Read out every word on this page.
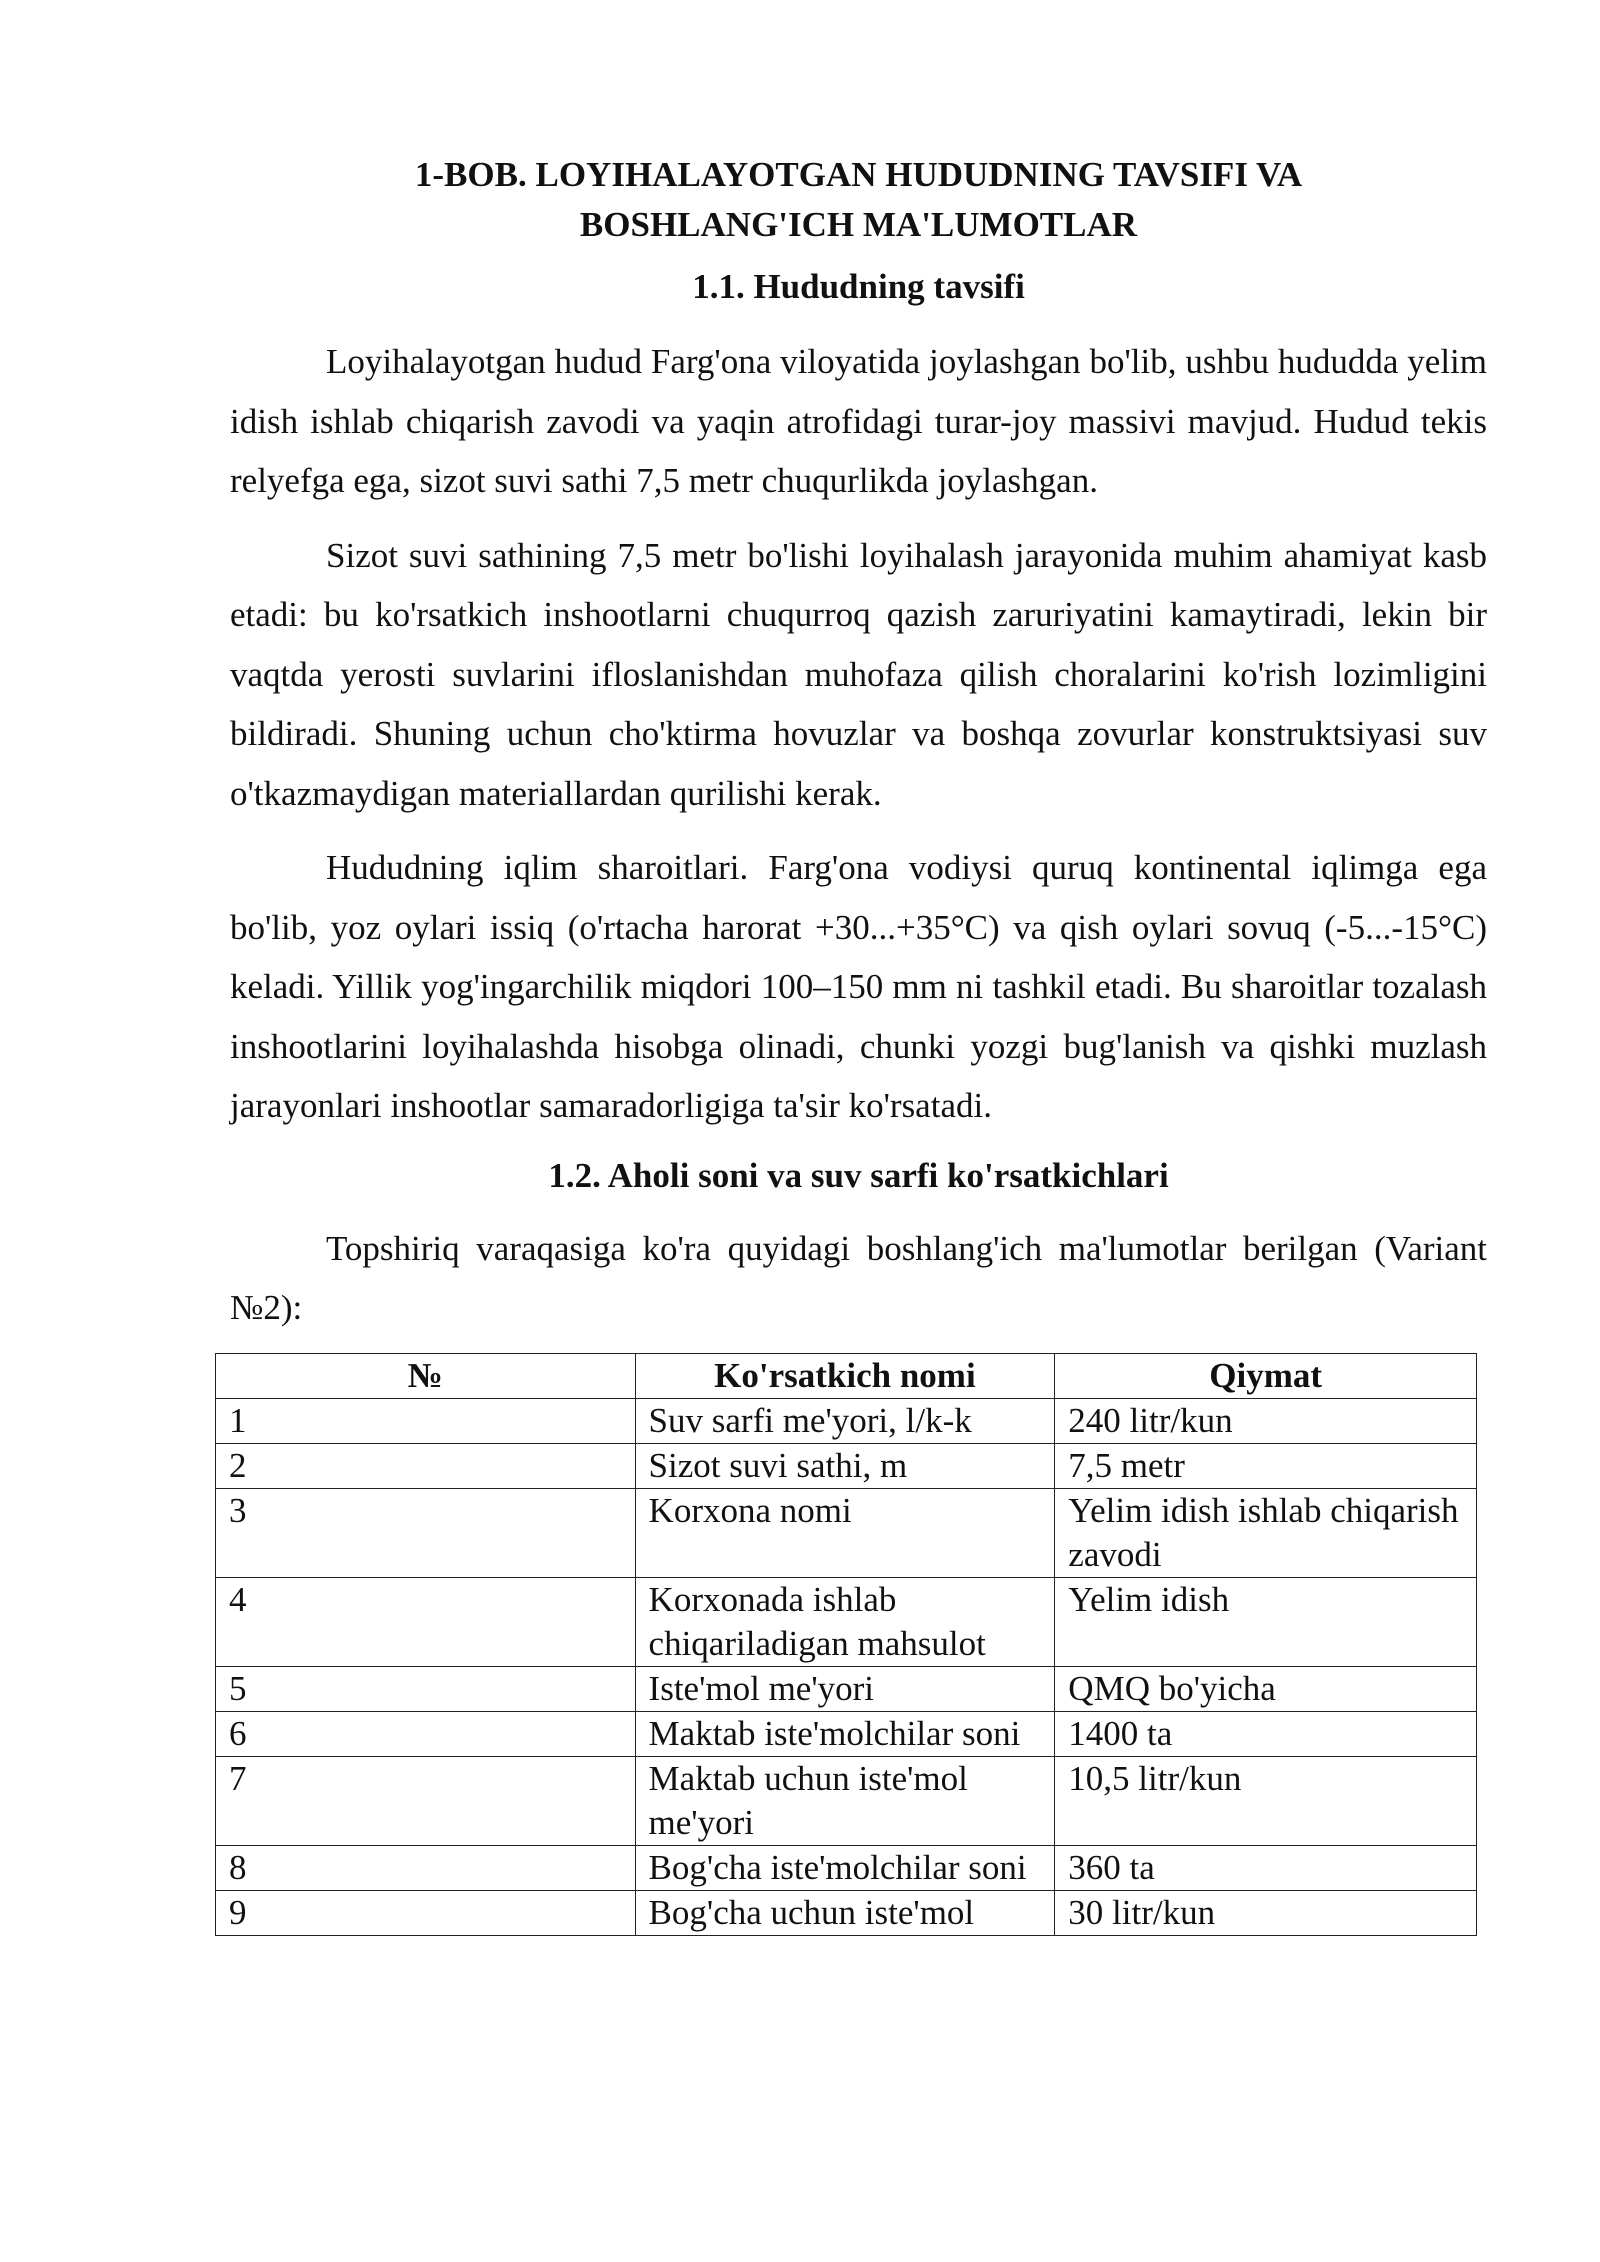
1-BOB. LOYIHALAYOTGAN HUDUDNING TAVSIFI VA
BOSHLANG'ICH MA'LUMOTLAR
1.1. Hududning tavsifi

Loyihalayotgan hudud Farg'ona viloyatida joylashgan bo'lib, ushbu hududda yelim idish ishlab chiqarish zavodi va yaqin atrofidagi turar-joy massivi mavjud. Hudud tekis relyefga ega, sizot suvi sathi 7,5 metr chuqurlikda joylashgan.

Sizot suvi sathining 7,5 metr bo'lishi loyihalash jarayonida muhim ahamiyat kasb etadi: bu ko'rsatkich inshootlarni chuqurroq qazish zaruriyatini kamaytiradi, lekin bir vaqtda yerosti suvlarini ifloslanishdan muhofaza qilish choralarini ko'rish lozimligini bildiradi. Shuning uchun cho'ktirma hovuzlar va boshqa zovurlar konstruktsiyasi suv o'tkazmaydigan materiallardan qurilishi kerak.

Hududning iqlim sharoitlari. Farg'ona vodiysi quruq kontinental iqlimga ega bo'lib, yoz oylari issiq (o'rtacha harorat +30...+35°C) va qish oylari sovuq (-5...-15°C) keladi. Yillik yog'ingarchilik miqdori 100–150 mm ni tashkil etadi. Bu sharoitlar tozalash inshootlarini loyihalashda hisobga olinadi, chunki yozgi bug'lanish va qishki muzlash jarayonlari inshootlar samaradorligiga ta'sir ko'rsatadi.

1.2. Aholi soni va suv sarfi ko'rsatkichlari

Topshiriq varaqasiga ko'ra quyidagi boshlang'ich ma'lumotlar berilgan (Variant №2):

№	Ko'rsatkich nomi	Qiymat
1	Suv sarfi me'yori, l/k-k	240 litr/kun
2	Sizot suvi sathi, m	7,5 metr
3	Korxona nomi	Yelim idish ishlab chiqarish zavodi
4	Korxonada ishlab chiqariladigan mahsulot	Yelim idish
5	Iste'mol me'yori	QMQ bo'yicha
6	Maktab iste'molchilar soni	1400 ta
7	Maktab uchun iste'mol me'yori	10,5 litr/kun
8	Bog'cha iste'molchilar soni	360 ta
9	Bog'cha uchun iste'mol	30 litr/kun
